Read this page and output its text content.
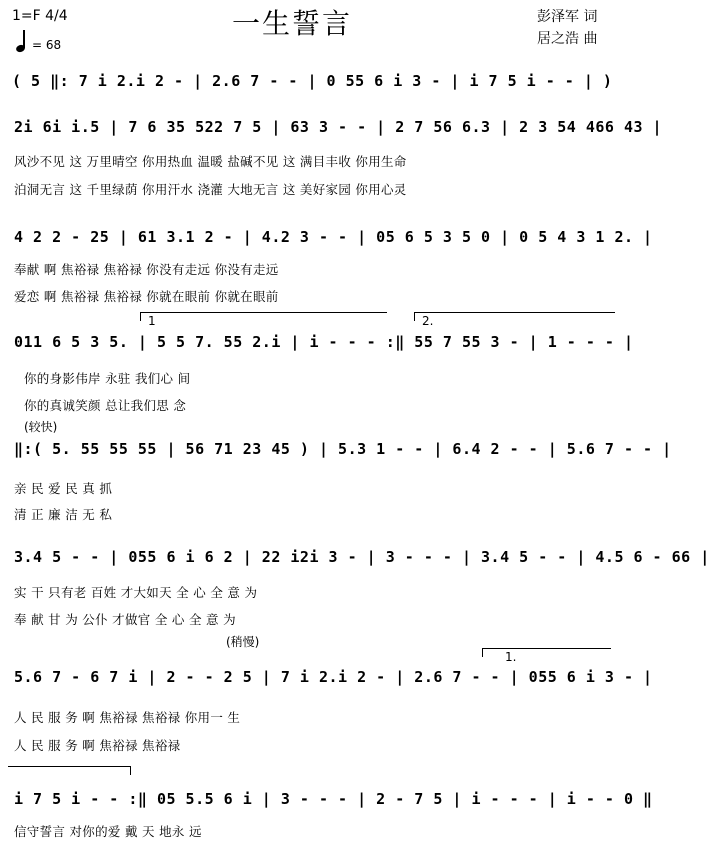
1=F 4/4
= 68
一生誓言	彭泽军 词
居之浩 曲
( 5 ‖: 7 i 2.i 2 - | 2.6 7 - - | 0 55 6 i 3 - | i 7 5 i - - | )
2i 6i i.5 | 7 6 35 522 7 5 | 63 3 - - | 2 7 56 6.3 | 2 3 54 466 43 |
风沙不见 这 万里晴空 你用热血 温暖 盐碱不见 这 满目丰收 你用生命
泊洞无言 这 千里绿荫 你用汗水 浇灌 大地无言 这 美好家园 你用心灵
4 2 2 - 25 | 61 3.1 2 - | 4.2 3 - - | 05 6 5 3 5 0 | 0 5 4 3 1 2. |
奉献 啊 焦裕禄 焦裕禄 你没有走远 你没有走远
爱恋 啊 焦裕禄 焦裕禄 你就在眼前 你就在眼前
1	2.
011 6 5 3 5. | 5 5 7. 55 2.i | i - - - :‖ 55 7 55 3 - | 1 - - - |
你的身影伟岸 永驻 我们心 间
你的真诚笑颜 总让我们思 念
(较快)
‖:( 5. 55 55 55 | 56 71 23 45 ) | 5.3 1 - - | 6.4 2 - - | 5.6 7 - - |
亲 民 爱 民 真 抓
清 正 廉 洁 无 私
3.4 5 - - | 055 6 i 6 2 | 22 i2i 3 - | 3 - - - | 3.4 5 - - | 4.5 6 - 66 |
实 干 只有老 百姓 才大如天 全 心 全 意 为
奉 献 甘 为 公仆 才做官 全 心 全 意 为
(稍慢)
1.
5.6 7 - 6 7 i | 2 - - 2 5 | 7 i 2.i 2 - | 2.6 7 - - | 055 6 i 3 - |
人 民 服 务 啊 焦裕禄 焦裕禄 你用一 生
人 民 服 务 啊 焦裕禄 焦裕禄
i 7 5 i - - :‖ 05 5.5 6 i | 3 - - - | 2 - 7 5 | i - - - | i - - 0 ‖
信守誓言 对你的爱 戴 天 地永 远
